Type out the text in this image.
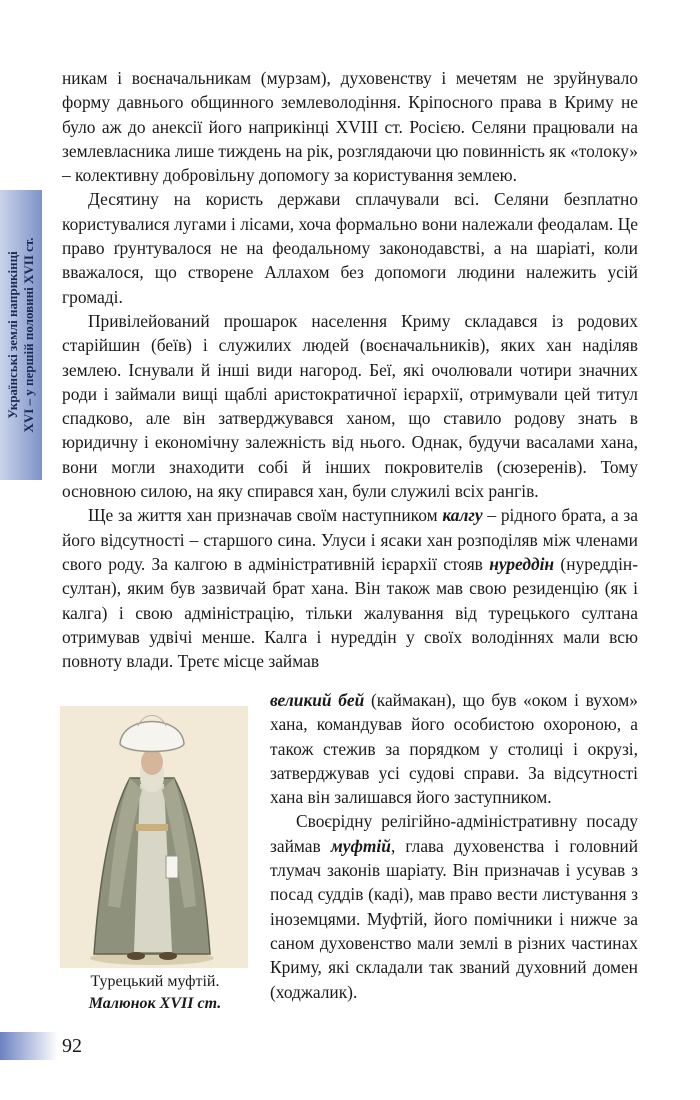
Українські землі наприкінці XVI – у першій половині XVII ст.

никам і воєначальникам (мурзам), духовенству і мечетям не зруйнувало форму давнього общинного землеволодіння. Кріпосного права в Криму не було аж до анексії його наприкінці XVIII ст. Росією. Селяни працювали на землевласника лише тиждень на рік, розглядаючи цю повинність як «толоку» – колективну добровільну допомогу за користування землею.

Десятину на користь держави сплачували всі. Селяни безплатно користувалися лугами і лісами, хоча формально вони належали феодалам. Це право ґрунтувалося не на феодальному законодавстві, а на шаріаті, коли вважалося, що створене Аллахом без допомоги людини належить усій громаді.

Привілейований прошарок населення Криму складався із родових старійшин (беїв) і служилих людей (воєначальників), яких хан наділяв землею. Існували й інші види нагород. Беї, які очолювали чотири значних роди і займали вищі щаблі аристократичної ієрархії, отримували цей титул спадково, але він затверджувався ханом, що ставило родову знать в юридичну і економічну залежність від нього. Однак, будучи васалами хана, вони могли знаходити собі й інших покровителів (сюзеренів). Тому основною силою, на яку спирався хан, були служилі всіх рангів.

Ще за життя хан призначав своїм наступником калгу – рідного брата, а за його відсутності – старшого сина. Улуси і ясаки хан розподіляв між членами свого роду. За калгою в адміністративній ієрархії стояв нуреддін (нуреддін-султан), яким був зазвичай брат хана. Він також мав свою резиденцію (як і калга) і свою адміністрацію, тільки жалування від турецького султана отримував удвічі менше. Калга і нуреддін у своїх володіннях мали всю повноту влади. Третє місце займав

Турецький муфтій.
Малюнок XVII ст.

великий бей (каймакан), що був «оком і вухом» хана, командував його особистою охороною, а також стежив за порядком у столиці і окрузі, затверджував усі судові справи. За відсутності хана він залишався його заступником.

Своєрідну релігійно-адміністративну посаду займав муфтій, глава духовенства і головний тлумач законів шаріату. Він призначав і усував з посад суддів (каді), мав право вести листування з іноземцями. Муфтій, його помічники і нижче за саном духовенство мали землі в різних частинах Криму, які складали так званий духовний домен (ходжалик).

92
